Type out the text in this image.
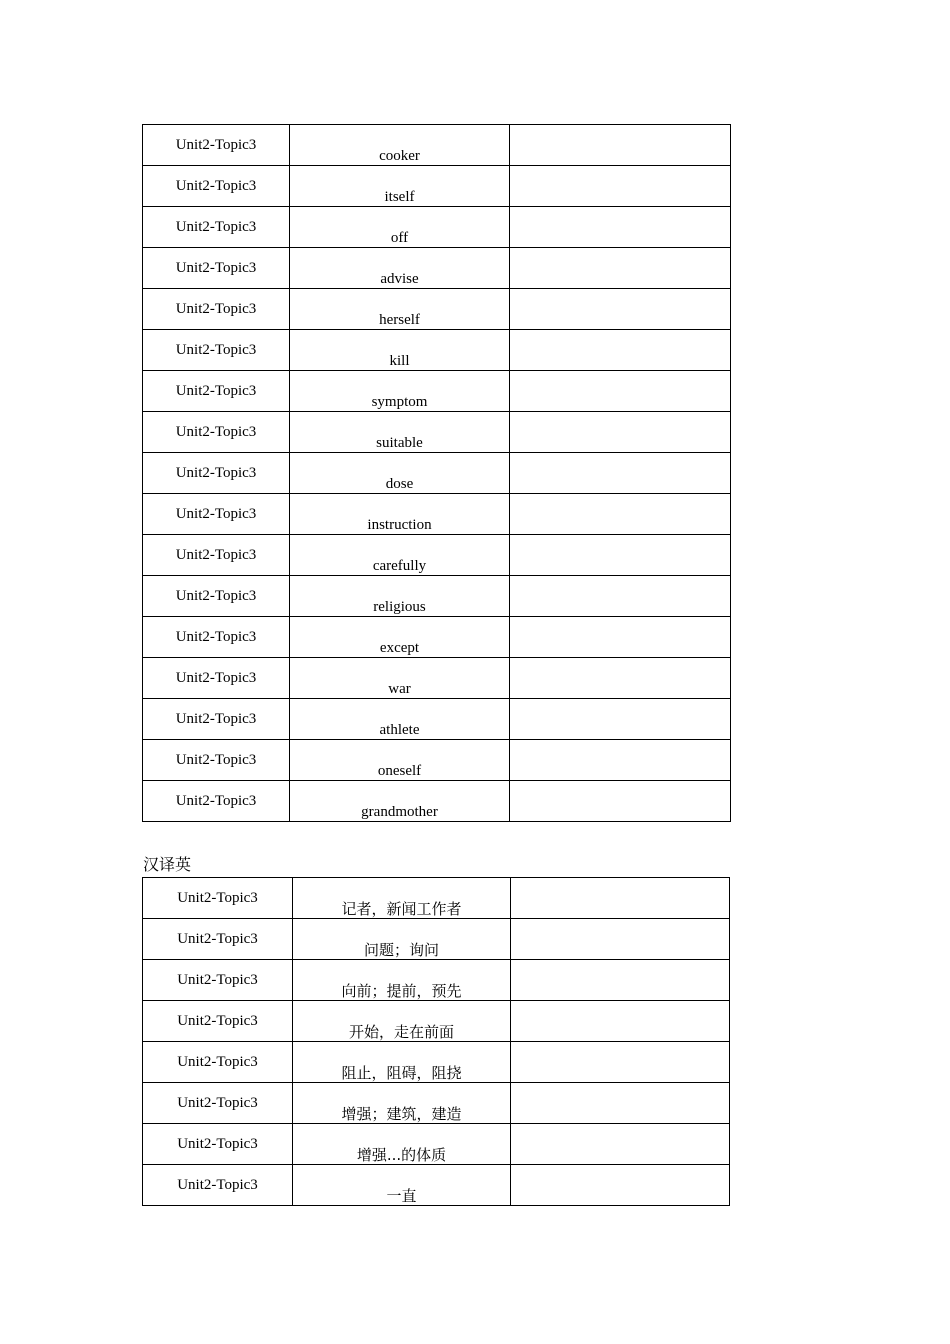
Unit2-Topic3	cooker	
Unit2-Topic3	itself	
Unit2-Topic3	off	
Unit2-Topic3	advise	
Unit2-Topic3	herself	
Unit2-Topic3	kill	
Unit2-Topic3	symptom	
Unit2-Topic3	suitable	
Unit2-Topic3	dose	
Unit2-Topic3	instruction	
Unit2-Topic3	carefully	
Unit2-Topic3	religious	
Unit2-Topic3	except	
Unit2-Topic3	war	
Unit2-Topic3	athlete	
Unit2-Topic3	oneself	
Unit2-Topic3	grandmother	
汉译英
Unit2-Topic3	记者，新闻工作者	
Unit2-Topic3	问题；询问	
Unit2-Topic3	向前；提前，预先	
Unit2-Topic3	开始，走在前面	
Unit2-Topic3	阻止，阻碍，阻挠	
Unit2-Topic3	增强；建筑，建造	
Unit2-Topic3	增强...的体质	
Unit2-Topic3	一直	
